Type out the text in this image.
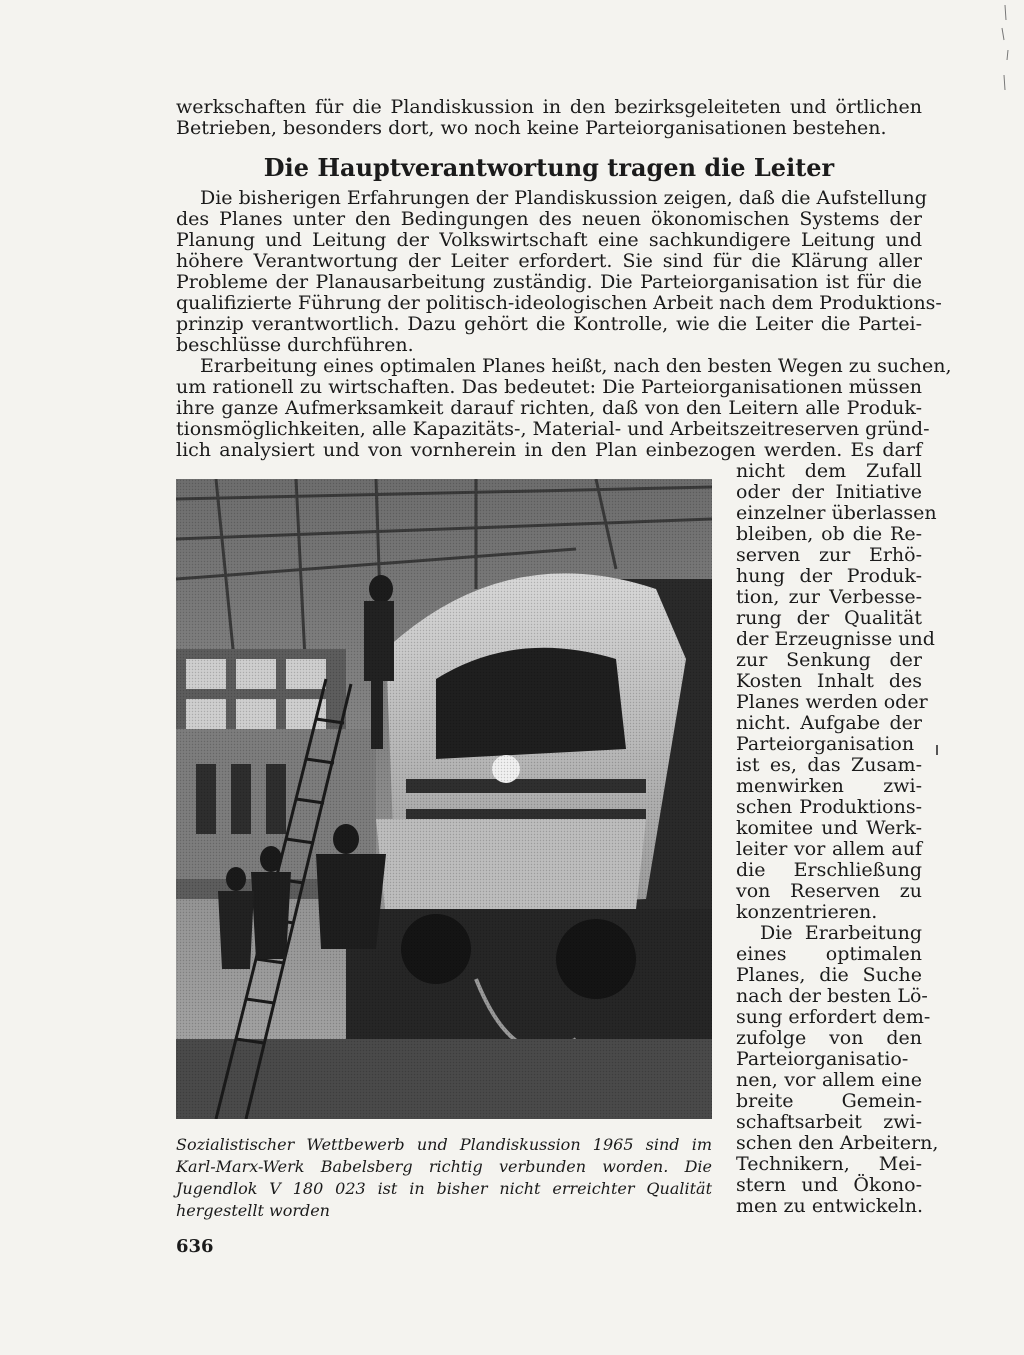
werkschaften für die Plandiskussion in den bezirksgeleiteten und örtlichen
Betrieben, besonders dort, wo noch keine Parteiorganisationen bestehen.
Die Hauptverantwortung tragen die Leiter
Die bisherigen Erfahrungen der Plandiskussion zeigen, daß die Aufstellung
des Planes unter den Bedingungen des neuen ökonomischen Systems der
Planung und Leitung der Volkswirtschaft eine sachkundigere Leitung und
höhere Verantwortung der Leiter erfordert. Sie sind für die Klärung aller
Probleme der Planausarbeitung zuständig. Die Parteiorganisation ist für die
qualifizierte Führung der politisch-ideologischen Arbeit nach dem Produktions-
prinzip verantwortlich. Dazu gehört die Kontrolle, wie die Leiter die Partei-
beschlüsse durchführen.
Erarbeitung eines optimalen Planes heißt, nach den besten Wegen zu suchen,
um rationell zu wirtschaften. Das bedeutet: Die Parteiorganisationen müssen
ihre ganze Aufmerksamkeit darauf richten, daß von den Leitern alle Produk-
tionsmöglichkeiten, alle Kapazitäts-, Material- und Arbeitszeitreserven gründ-
lich analysiert und von vornherein in den Plan einbezogen werden. Es darf
nicht dem Zufall
oder der Initiative
einzelner überlassen
bleiben, ob die Re-
serven zur Erhö-
hung der Produk-
tion, zur Verbesse-
rung der Qualität
der Erzeugnisse und
zur Senkung der
Kosten Inhalt des
Planes werden oder
nicht. Aufgabe der
Parteiorganisation
ist es, das Zusam-
menwirken zwi-
schen Produktions-
komitee und Werk-
leiter vor allem auf
die Erschließung
von Reserven zu
konzentrieren.
Die Erarbeitung
eines optimalen
Planes, die Suche
nach der besten Lö-
sung erfordert dem-
zufolge von den
Parteiorganisatio-
nen, vor allem eine
breite Gemein-
schaftsarbeit zwi-
schen den Arbeitern,
Technikern, Mei-
stern und Ökono-
men zu entwickeln.
Sozialistischer Wettbewerb und Plandiskussion 1965 sind im
Karl-Marx-Werk Babelsberg richtig verbunden worden. Die
Jugendlok V 180 023 ist in bisher nicht erreichter Qualität
hergestellt worden
636
